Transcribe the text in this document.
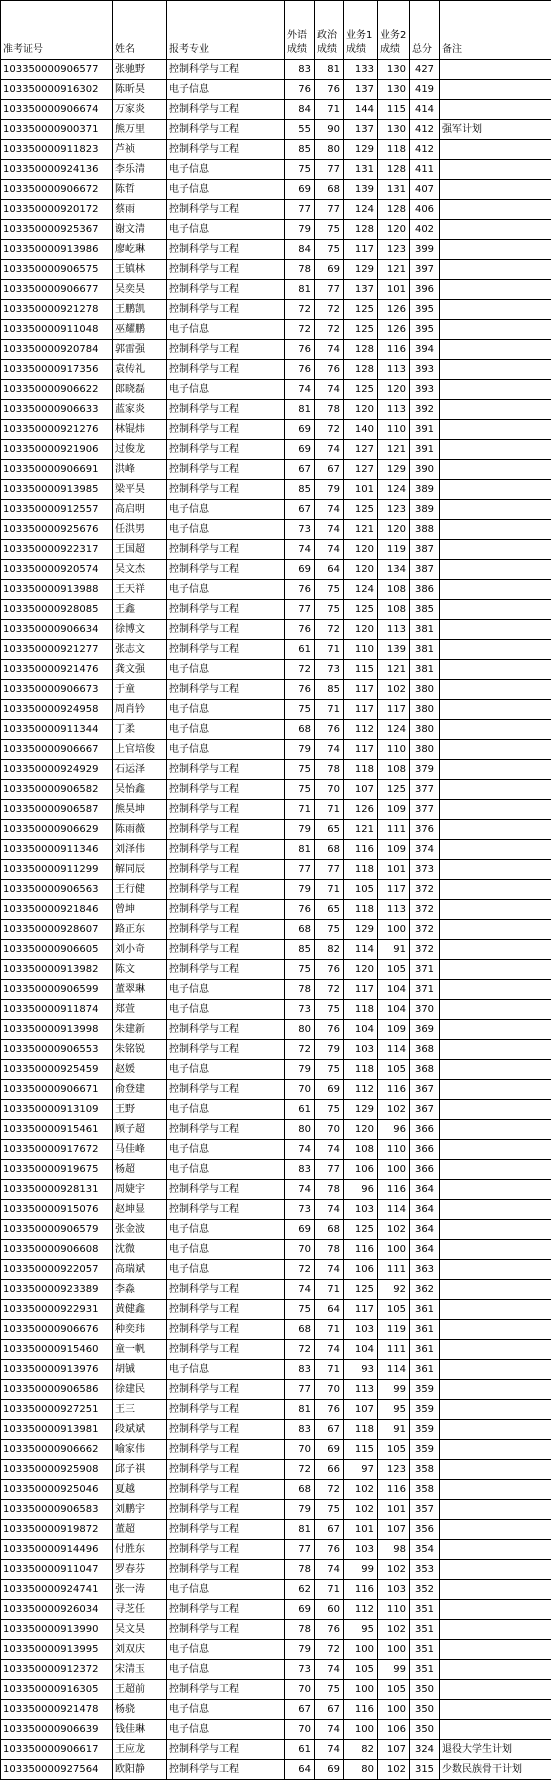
准考证号	姓名	报考专业	外语成绩	政治成绩	业务1成绩	业务2成绩	总分	备注
103350000906577	张驰野	控制科学与工程	83	81	133	130	427	
103350000916302	陈昕昊	电子信息	76	76	137	130	419	
103350000906674	万家炎	控制科学与工程	84	71	144	115	414	
103350000900371	熊万里	控制科学与工程	55	90	137	130	412	强军计划
103350000911823	芦祯	控制科学与工程	85	80	129	118	412	
103350000924136	李乐清	电子信息	75	77	131	128	411	
103350000906672	陈哲	电子信息	69	68	139	131	407	
103350000920172	蔡雨	控制科学与工程	77	77	124	128	406	
103350000925367	谢文清	电子信息	79	75	128	120	402	
103350000913986	廖屹琳	控制科学与工程	84	75	117	123	399	
103350000906575	王镇林	控制科学与工程	78	69	129	121	397	
103350000906677	吴奕昊	控制科学与工程	81	77	137	101	396	
103350000921278	王鹏凯	控制科学与工程	72	72	125	126	395	
103350000911048	巫耀鹏	电子信息	72	72	125	126	395	
103350000920784	郭雷强	控制科学与工程	76	74	128	116	394	
103350000917356	袁传礼	控制科学与工程	76	76	128	113	393	
103350000906622	郎晓磊	电子信息	74	74	125	120	393	
103350000906633	蓝家炎	控制科学与工程	81	78	120	113	392	
103350000921276	林锟炜	控制科学与工程	69	72	140	110	391	
103350000921906	过俊龙	控制科学与工程	69	74	127	121	391	
103350000906691	洪峰	控制科学与工程	67	67	127	129	390	
103350000913985	梁平昊	控制科学与工程	85	79	101	124	389	
103350000912557	高启明	电子信息	67	74	125	123	389	
103350000925676	任洪男	电子信息	73	74	121	120	388	
103350000922317	王国超	控制科学与工程	74	74	120	119	387	
103350000920574	吴文杰	控制科学与工程	69	64	120	134	387	
103350000913988	王天祥	电子信息	76	75	124	108	386	
103350000928085	王鑫	控制科学与工程	77	75	125	108	385	
103350000906634	徐博文	控制科学与工程	76	72	120	113	381	
103350000921277	张志文	控制科学与工程	61	71	110	139	381	
103350000921476	龚文强	电子信息	72	73	115	121	381	
103350000906673	于童	控制科学与工程	76	85	117	102	380	
103350000924958	周肖钤	电子信息	75	71	117	117	380	
103350000911344	丁柔	电子信息	68	76	112	124	380	
103350000906667	上官培俊	电子信息	79	74	117	110	380	
103350000924929	石运泽	控制科学与工程	75	78	118	108	379	
103350000906582	吴怡鑫	控制科学与工程	75	70	107	125	377	
103350000906587	熊昊坤	控制科学与工程	71	71	126	109	377	
103350000906629	陈雨薇	控制科学与工程	79	65	121	111	376	
103350000911346	刘泽伟	控制科学与工程	81	68	116	109	374	
103350000911299	解同辰	控制科学与工程	77	77	118	101	373	
103350000906563	王行健	控制科学与工程	79	71	105	117	372	
103350000921846	曾坤	控制科学与工程	76	65	118	113	372	
103350000928607	路正东	控制科学与工程	68	75	129	100	372	
103350000906605	刘小奇	控制科学与工程	85	82	114	91	372	
103350000913982	陈文	控制科学与工程	75	76	120	105	371	
103350000906599	董翠琳	电子信息	78	72	117	104	371	
103350000911874	郑萱	电子信息	73	75	118	104	370	
103350000913998	朱建新	控制科学与工程	80	76	104	109	369	
103350000906553	朱铭锐	控制科学与工程	72	79	103	114	368	
103350000925459	赵媛	电子信息	79	75	118	105	368	
103350000906671	俞登建	控制科学与工程	70	69	112	116	367	
103350000913109	王野	电子信息	61	75	129	102	367	
103350000915461	顾子超	控制科学与工程	80	70	120	96	366	
103350000917672	马佳峰	电子信息	74	74	108	110	366	
103350000919675	杨超	电子信息	83	77	106	100	366	
103350000928131	周婕宇	控制科学与工程	74	78	96	116	364	
103350000915076	赵坤显	控制科学与工程	73	74	103	114	364	
103350000906579	张金波	电子信息	69	68	125	102	364	
103350000906608	沈微	电子信息	70	78	116	100	364	
103350000922057	高瑞斌	电子信息	72	74	106	111	363	
103350000923389	李淼	控制科学与工程	74	71	125	92	362	
103350000922931	黄健鑫	控制科学与工程	75	64	117	105	361	
103350000906676	种奕玮	控制科学与工程	68	71	103	119	361	
103350000915460	童一帆	控制科学与工程	72	74	104	111	361	
103350000913976	胡铖	电子信息	83	71	93	114	361	
103350000906586	徐建民	控制科学与工程	77	70	113	99	359	
103350000927251	王三	控制科学与工程	81	76	107	95	359	
103350000913981	段斌斌	控制科学与工程	83	67	118	91	359	
103350000906662	喻家伟	控制科学与工程	70	69	115	105	359	
103350000925908	邱子祺	控制科学与工程	72	66	97	123	358	
103350000925046	夏越	控制科学与工程	68	72	102	116	358	
103350000906583	刘鹏宇	控制科学与工程	79	75	102	101	357	
103350000919872	董超	控制科学与工程	81	67	101	107	356	
103350000914496	付胜东	控制科学与工程	77	76	103	98	354	
103350000911047	罗春芬	控制科学与工程	78	74	99	102	353	
103350000924741	张一涛	电子信息	62	71	116	103	352	
103350000926034	寻芝任	控制科学与工程	69	60	112	110	351	
103350000913990	吴文昊	控制科学与工程	78	76	95	102	351	
103350000913995	刘双庆	电子信息	79	72	100	100	351	
103350000912372	宋清玉	电子信息	73	74	105	99	351	
103350000916305	王超前	控制科学与工程	70	75	100	105	350	
103350000921478	杨骁	电子信息	67	67	116	100	350	
103350000906639	钱佳琳	电子信息	70	74	100	106	350	
103350000906617	王应龙	控制科学与工程	61	74	82	107	324	退役大学生计划
103350000927564	欧阳静	控制科学与工程	64	69	80	102	315	少数民族骨干计划
